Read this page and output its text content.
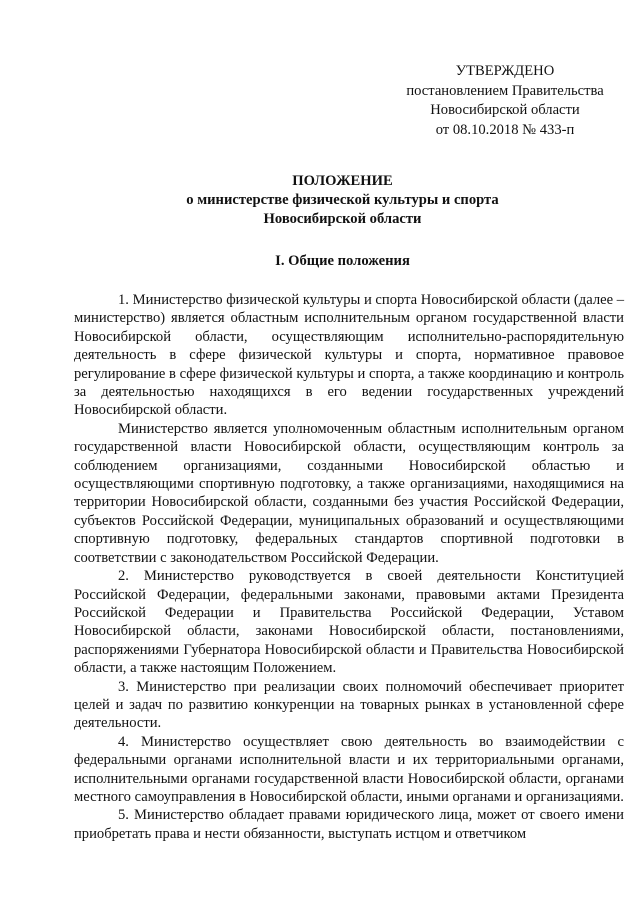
УТВЕРЖДЕНО
постановлением Правительства
Новосибирской области
от 08.10.2018 № 433-п
ПОЛОЖЕНИЕ
о министерстве физической культуры и спорта
Новосибирской области
I. Общие положения

1. Министерство физической культуры и спорта Новосибирской области (далее – министерство) является областным исполнительным органом государственной власти Новосибирской области, осуществляющим исполнительно-распорядительную деятельность в сфере физической культуры и спорта, нормативное правовое регулирование в сфере физической культуры и спорта, а также координацию и контроль за деятельностью находящихся в его ведении государственных учреждений Новосибирской области.

Министерство является уполномоченным областным исполнительным органом государственной власти Новосибирской области, осуществляющим контроль за соблюдением организациями, созданными Новосибирской областью и осуществляющими спортивную подготовку, а также организациями, находящимися на территории Новосибирской области, созданными без участия Российской Федерации, субъектов Российской Федерации, муниципальных образований и осуществляющими спортивную подготовку, федеральных стандартов спортивной подготовки в соответствии с законодательством Российской Федерации.

2. Министерство руководствуется в своей деятельности Конституцией Российской Федерации, федеральными законами, правовыми актами Президента Российской Федерации и Правительства Российской Федерации, Уставом Новосибирской области, законами Новосибирской области, постановлениями, распоряжениями Губернатора Новосибирской области и Правительства Новосибирской области, а также настоящим Положением.

3. Министерство при реализации своих полномочий обеспечивает приоритет целей и задач по развитию конкуренции на товарных рынках в установленной сфере деятельности.

4. Министерство осуществляет свою деятельность во взаимодействии с федеральными органами исполнительной власти и их территориальными органами, исполнительными органами государственной власти Новосибирской области, органами местного самоуправления в Новосибирской области, иными органами и организациями.

5. Министерство обладает правами юридического лица, может от своего имени приобретать права и нести обязанности, выступать истцом и ответчиком
